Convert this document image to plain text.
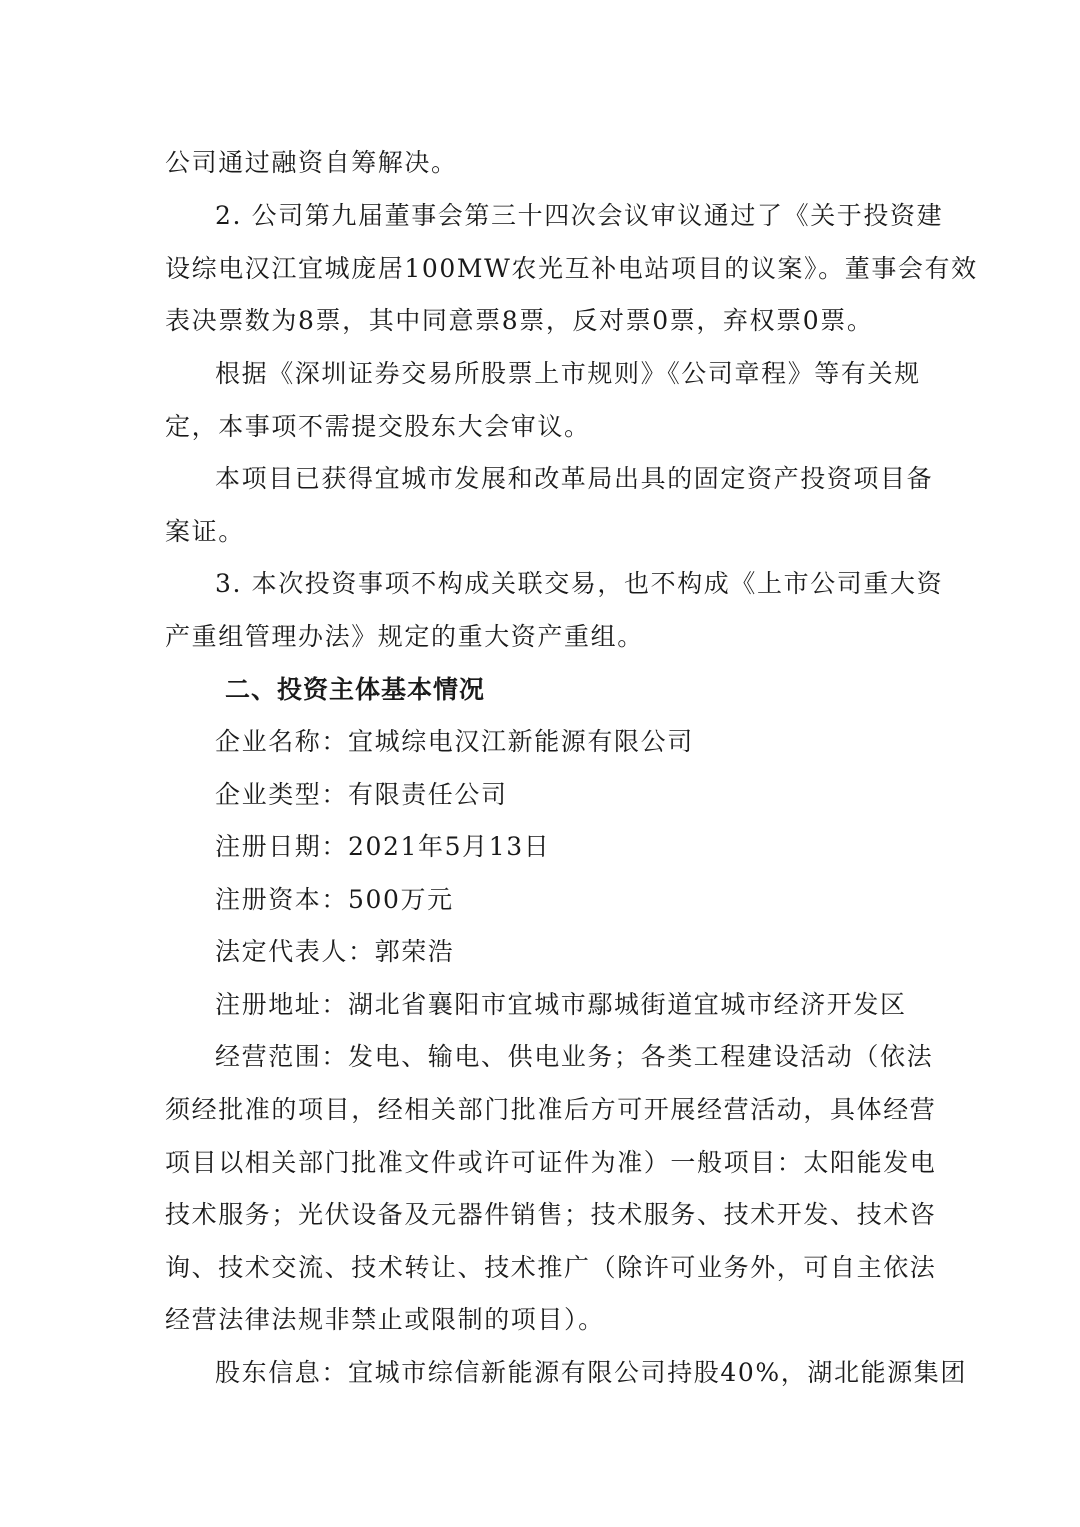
公司通过融资自筹解决。
2. 公司第九届董事会第三十四次会议审议通过了《关于投资建
设综电汉江宜城庞居100MW农光互补电站项目的议案》。董事会有效
表决票数为8票，其中同意票8票，反对票0票，弃权票0票。
根据《深圳证券交易所股票上市规则》《公司章程》等有关规
定，本事项不需提交股东大会审议。
本项目已获得宜城市发展和改革局出具的固定资产投资项目备
案证。
3. 本次投资事项不构成关联交易，也不构成《上市公司重大资
产重组管理办法》规定的重大资产重组。
二、投资主体基本情况
企业名称：宜城综电汉江新能源有限公司
企业类型：有限责任公司
注册日期：2021年5月13日
注册资本：500万元
法定代表人：郭荣浩
注册地址：湖北省襄阳市宜城市鄢城街道宜城市经济开发区
经营范围：发电、输电、供电业务；各类工程建设活动（依法
须经批准的项目，经相关部门批准后方可开展经营活动，具体经营
项目以相关部门批准文件或许可证件为准）一般项目：太阳能发电
技术服务；光伏设备及元器件销售；技术服务、技术开发、技术咨
询、技术交流、技术转让、技术推广（除许可业务外，可自主依法
经营法律法规非禁止或限制的项目）。
股东信息：宜城市综信新能源有限公司持股40%，湖北能源集团
